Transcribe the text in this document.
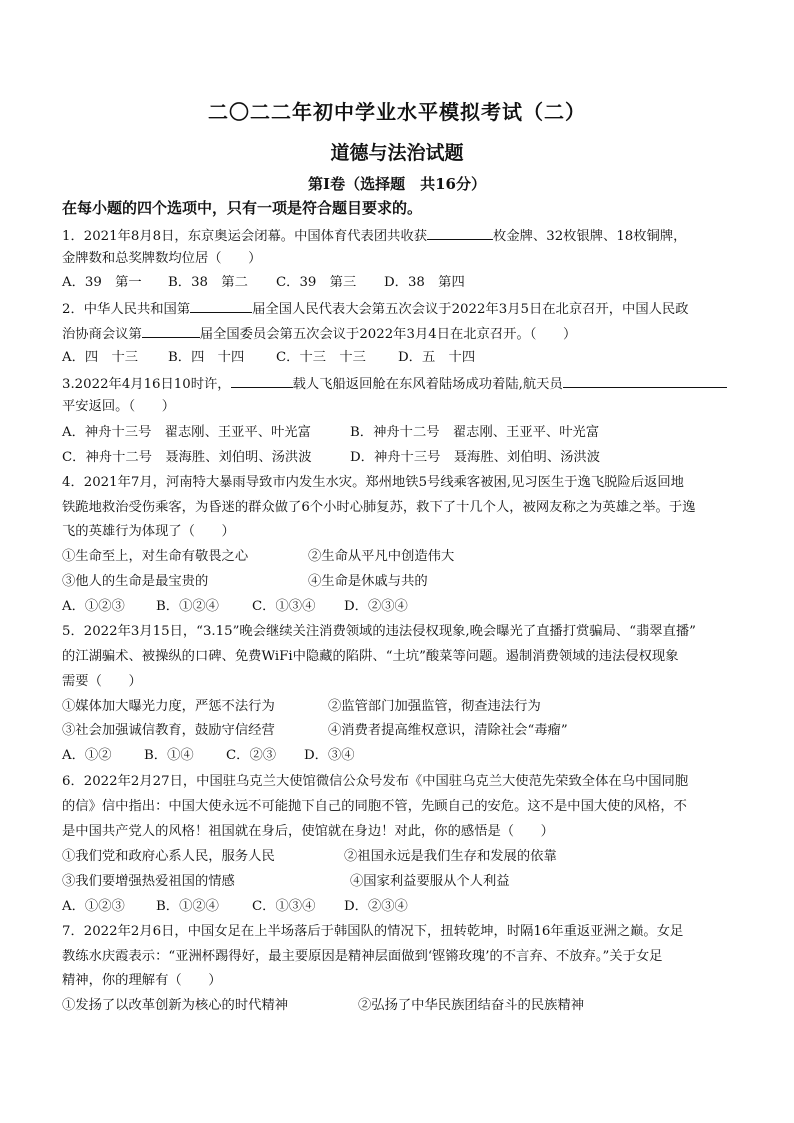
二〇二二年初中学业水平模拟考试（二）
道德与法治试题
第Ⅰ卷（选择题　共16分）
在每小题的四个选项中，只有一项是符合题目要求的。
1．2021年8月8日，东京奥运会闭幕。中国体育代表团共收获	枚金牌、32枚银牌、18枚铜牌，
金牌数和总奖牌数均位居（　　）
A．39　第一 B．38　第二 C．39　第三 D．38　第四
2．中华人民共和国第	届全国人民代表大会第五次会议于2022年3月5日在北京召开，中国人民政
治协商会议第	届全国委员会第五次会议于2022年3月4日在北京召开。（　　）
A．四　十三 B．四　十四 C．十三　十三 D．五　十四
3.2022年4月16日10时许，	载人飞船返回舱在东风着陆场成功着陆,航天员
平安返回。（　　）
A．神舟十三号　翟志刚、王亚平、叶光富	B．神舟十二号　翟志刚、王亚平、叶光富
C．神舟十二号　聂海胜、刘伯明、汤洪波	D．神舟十三号　聂海胜、刘伯明、汤洪波
4．2021年7月，河南特大暴雨导致市内发生水灾。郑州地铁5号线乘客被困,见习医生于逸飞脱险后返回地
铁跪地救治受伤乘客，为昏迷的群众做了6个小时心肺复苏，救下了十几个人，被网友称之为英雄之举。于逸
飞的英雄行为体现了（　　）
①生命至上，对生命有敬畏之心	②生命从平凡中创造伟大
③他人的生命是最宝贵的	④生命是休戚与共的
A．①②③ B．①②④ C．①③④ D．②③④
5．2022年3月15日，“3.15”晚会继续关注消费领域的违法侵权现象,晚会曝光了直播打赏骗局、“翡翠直播”
的江湖骗术、被操纵的口碑、免费WiFi中隐藏的陷阱、“土坑”酸菜等问题。遏制消费领域的违法侵权现象
需要（　　）
①媒体加大曝光力度，严惩不法行为	②监管部门加强监管，彻查违法行为
③社会加强诚信教育，鼓励守信经营	④消费者提高维权意识，清除社会“毒瘤”
A．①② B．①④ C．②③ D．③④
6．2022年2月27日，中国驻乌克兰大使馆微信公众号发布《中国驻乌克兰大使范先荣致全体在乌中国同胞
的信》信中指出：中国大使永远不可能抛下自己的同胞不管，先顾自己的安危。这不是中国大使的风格，不
是中国共产党人的风格！祖国就在身后，使馆就在身边！对此，你的感悟是（　　）
①我们党和政府心系人民，服务人民	②祖国永远是我们生存和发展的依靠
③我们要增强热爱祖国的情感	④国家利益要服从个人利益
A．①②③ B．①②④ C．①③④ D．②③④
7．2022年2月6日，中国女足在上半场落后于韩国队的情况下，扭转乾坤，时隔16年重返亚洲之巅。女足
教练水庆霞表示：“亚洲杯踢得好，最主要原因是精神层面做到‘铿锵玫瑰’的不言弃、不放弃。”关于女足
精神，你的理解有（　　）
①发扬了以改革创新为核心的时代精神	②弘扬了中华民族团结奋斗的民族精神
